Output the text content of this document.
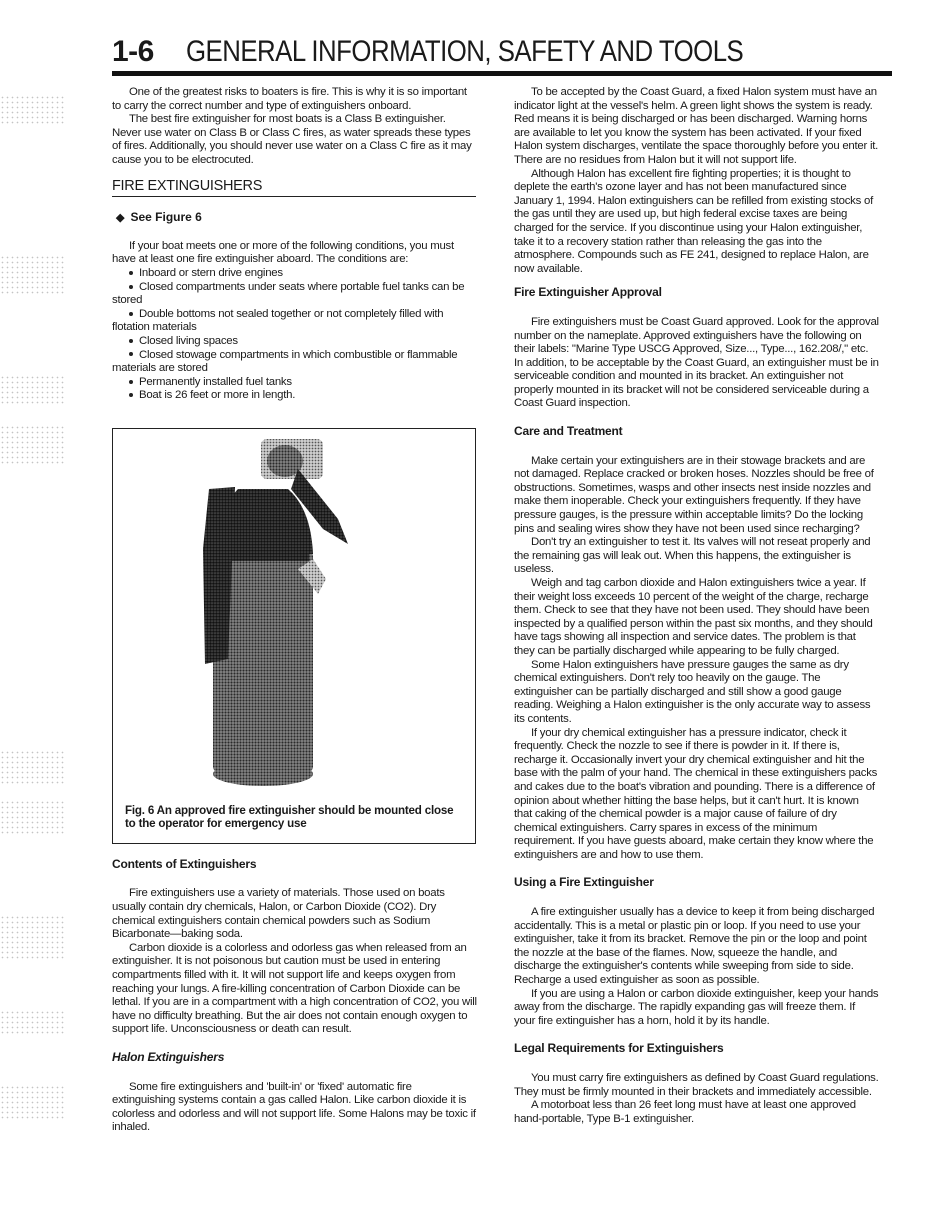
1-6 GENERAL INFORMATION, SAFETY AND TOOLS

One of the greatest risks to boaters is fire. This is why it is so important to carry the correct number and type of extinguishers onboard.

The best fire extinguisher for most boats is a Class B extinguisher. Never use water on Class B or Class C fires, as water spreads these types of fires. Additionally, you should never use water on a Class C fire as it may cause you to be electrocuted.

FIRE EXTINGUISHERS
◆ See Figure 6

If your boat meets one or more of the following conditions, you must have at least one fire extinguisher aboard. The conditions are:

Inboard or stern drive engines
Closed compartments under seats where portable fuel tanks can be stored
Double bottoms not sealed together or not completely filled with flotation materials
Closed living spaces
Closed stowage compartments in which combustible or flammable materials are stored
Permanently installed fuel tanks
Boat is 26 feet or more in length.
Fig. 6 An approved fire extinguisher should be mounted close to the operator for emergency use
Contents of Extinguishers

Fire extinguishers use a variety of materials. Those used on boats usually contain dry chemicals, Halon, or Carbon Dioxide (CO2). Dry chemical extinguishers contain chemical powders such as Sodium Bicarbonate—baking soda.

Carbon dioxide is a colorless and odorless gas when released from an extinguisher. It is not poisonous but caution must be used in entering compartments filled with it. It will not support life and keeps oxygen from reaching your lungs. A fire-killing concentration of Carbon Dioxide can be lethal. If you are in a compartment with a high concentration of CO2, you will have no difficulty breathing. But the air does not contain enough oxygen to support life. Unconsciousness or death can result.

Halon Extinguishers

Some fire extinguishers and 'built-in' or 'fixed' automatic fire extinguishing systems contain a gas called Halon. Like carbon dioxide it is colorless and odorless and will not support life. Some Halons may be toxic if inhaled.

To be accepted by the Coast Guard, a fixed Halon system must have an indicator light at the vessel's helm. A green light shows the system is ready. Red means it is being discharged or has been discharged. Warning horns are available to let you know the system has been activated. If your fixed Halon system discharges, ventilate the space thoroughly before you enter it. There are no residues from Halon but it will not support life.

Although Halon has excellent fire fighting properties; it is thought to deplete the earth's ozone layer and has not been manufactured since January 1, 1994. Halon extinguishers can be refilled from existing stocks of the gas until they are used up, but high federal excise taxes are being charged for the service. If you discontinue using your Halon extinguisher, take it to a recovery station rather than releasing the gas into the atmosphere. Compounds such as FE 241, designed to replace Halon, are now available.

Fire Extinguisher Approval

Fire extinguishers must be Coast Guard approved. Look for the approval number on the nameplate. Approved extinguishers have the following on their labels: "Marine Type USCG Approved, Size..., Type..., 162.208/," etc. In addition, to be acceptable by the Coast Guard, an extinguisher must be in serviceable condition and mounted in its bracket. An extinguisher not properly mounted in its bracket will not be considered serviceable during a Coast Guard inspection.

Care and Treatment

Make certain your extinguishers are in their stowage brackets and are not damaged. Replace cracked or broken hoses. Nozzles should be free of obstructions. Sometimes, wasps and other insects nest inside nozzles and make them inoperable. Check your extinguishers frequently. If they have pressure gauges, is the pressure within acceptable limits? Do the locking pins and sealing wires show they have not been used since recharging?

Don't try an extinguisher to test it. Its valves will not reseat properly and the remaining gas will leak out. When this happens, the extinguisher is useless.

Weigh and tag carbon dioxide and Halon extinguishers twice a year. If their weight loss exceeds 10 percent of the weight of the charge, recharge them. Check to see that they have not been used. They should have been inspected by a qualified person within the past six months, and they should have tags showing all inspection and service dates. The problem is that they can be partially discharged while appearing to be fully charged.

Some Halon extinguishers have pressure gauges the same as dry chemical extinguishers. Don't rely too heavily on the gauge. The extinguisher can be partially discharged and still show a good gauge reading. Weighing a Halon extinguisher is the only accurate way to assess its contents.

If your dry chemical extinguisher has a pressure indicator, check it frequently. Check the nozzle to see if there is powder in it. If there is, recharge it. Occasionally invert your dry chemical extinguisher and hit the base with the palm of your hand. The chemical in these extinguishers packs and cakes due to the boat's vibration and pounding. There is a difference of opinion about whether hitting the base helps, but it can't hurt. It is known that caking of the chemical powder is a major cause of failure of dry chemical extinguishers. Carry spares in excess of the minimum requirement. If you have guests aboard, make certain they know where the extinguishers are and how to use them.

Using a Fire Extinguisher

A fire extinguisher usually has a device to keep it from being discharged accidentally. This is a metal or plastic pin or loop. If you need to use your extinguisher, take it from its bracket. Remove the pin or the loop and point the nozzle at the base of the flames. Now, squeeze the handle, and discharge the extinguisher's contents while sweeping from side to side. Recharge a used extinguisher as soon as possible.

If you are using a Halon or carbon dioxide extinguisher, keep your hands away from the discharge. The rapidly expanding gas will freeze them. If your fire extinguisher has a horn, hold it by its handle.

Legal Requirements for Extinguishers

You must carry fire extinguishers as defined by Coast Guard regulations. They must be firmly mounted in their brackets and immediately accessible.

A motorboat less than 26 feet long must have at least one approved hand-portable, Type B-1 extinguisher.
